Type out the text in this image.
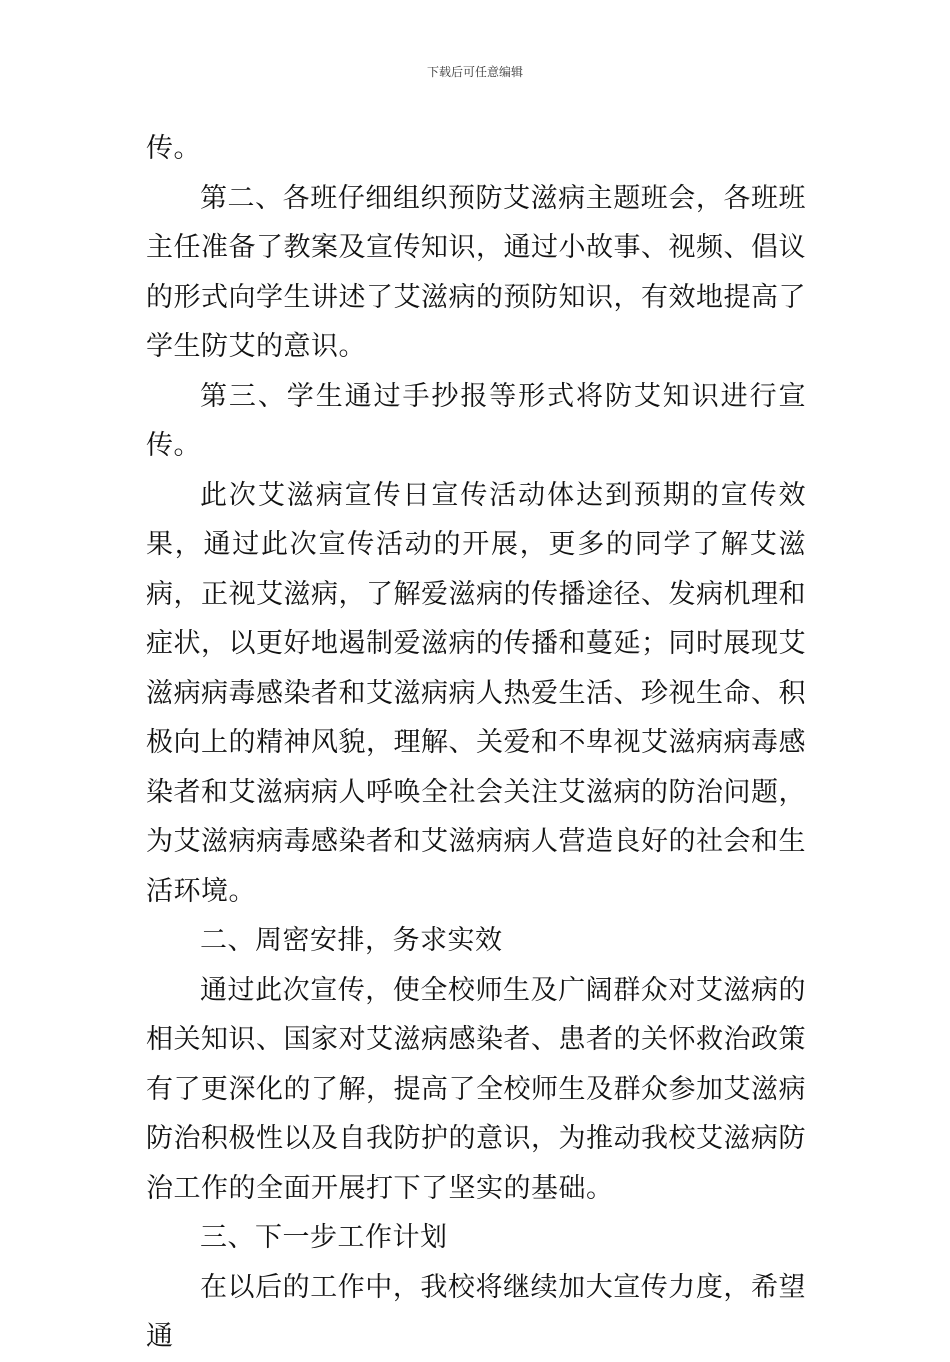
下载后可任意编辑

传。

第二、各班仔细组织预防艾滋病主题班会，各班班主任准备了教案及宣传知识，通过小故事、视频、倡议的形式向学生讲述了艾滋病的预防知识，有效地提高了学生防艾的意识。

第三、学生通过手抄报等形式将防艾知识进行宣传。

此次艾滋病宣传日宣传活动体达到预期的宣传效果，通过此次宣传活动的开展，更多的同学了解艾滋病，正视艾滋病，了解爱滋病的传播途径、发病机理和症状，以更好地遏制爱滋病的传播和蔓延；同时展现艾滋病病毒感染者和艾滋病病人热爱生活、珍视生命、积极向上的精神风貌，理解、关爱和不卑视艾滋病病毒感染者和艾滋病病人呼唤全社会关注艾滋病的防治问题，为艾滋病病毒感染者和艾滋病病人营造良好的社会和生活环境。

二、周密安排，务求实效

通过此次宣传，使全校师生及广阔群众对艾滋病的相关知识、国家对艾滋病感染者、患者的关怀救治政策有了更深化的了解，提高了全校师生及群众参加艾滋病防治积极性以及自我防护的意识，为推动我校艾滋病防治工作的全面开展打下了坚实的基础。

三、下一步工作计划

在以后的工作中，我校将继续加大宣传力度，希望通
